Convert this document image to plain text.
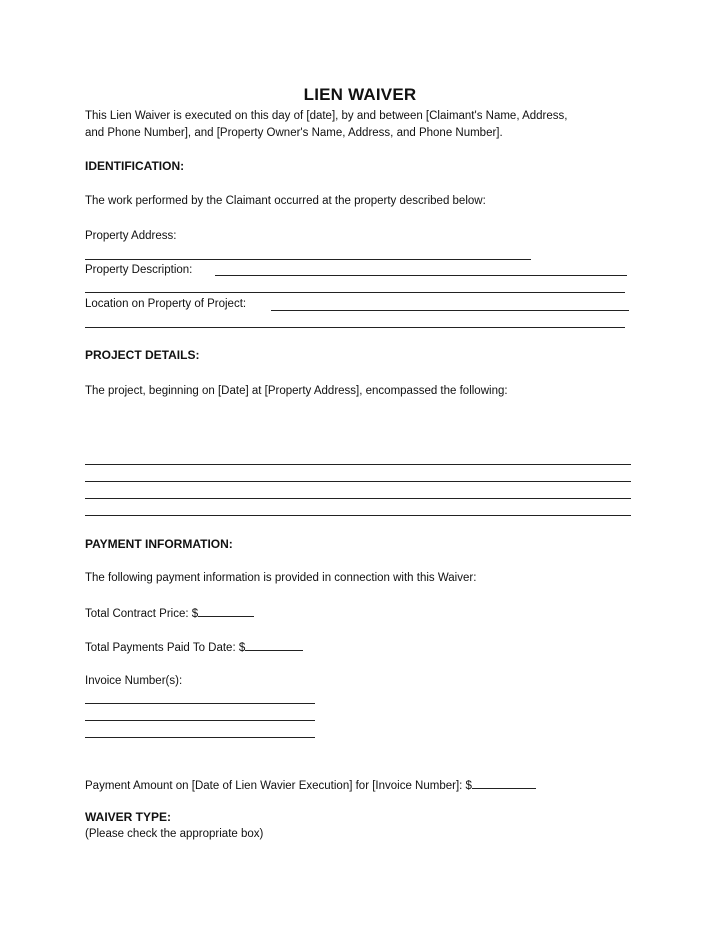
LIEN WAIVER
This Lien Waiver is executed on this day of [date], by and between [Claimant's Name, Address,
and Phone Number], and [Property Owner's Name, Address, and Phone Number].
IDENTIFICATION:
The work performed by the Claimant occurred at the property described below:
Property Address:
Property Description:
Location on Property of Project:
PROJECT DETAILS:
The project, beginning on [Date] at [Property Address], encompassed the following:
PAYMENT INFORMATION:
The following payment information is provided in connection with this Waiver:
Total Contract Price: $
Total Payments Paid To Date: $
Invoice Number(s):
Payment Amount on [Date of Lien Wavier Execution] for [Invoice Number]: $
WAIVER TYPE:
(Please check the appropriate box)
